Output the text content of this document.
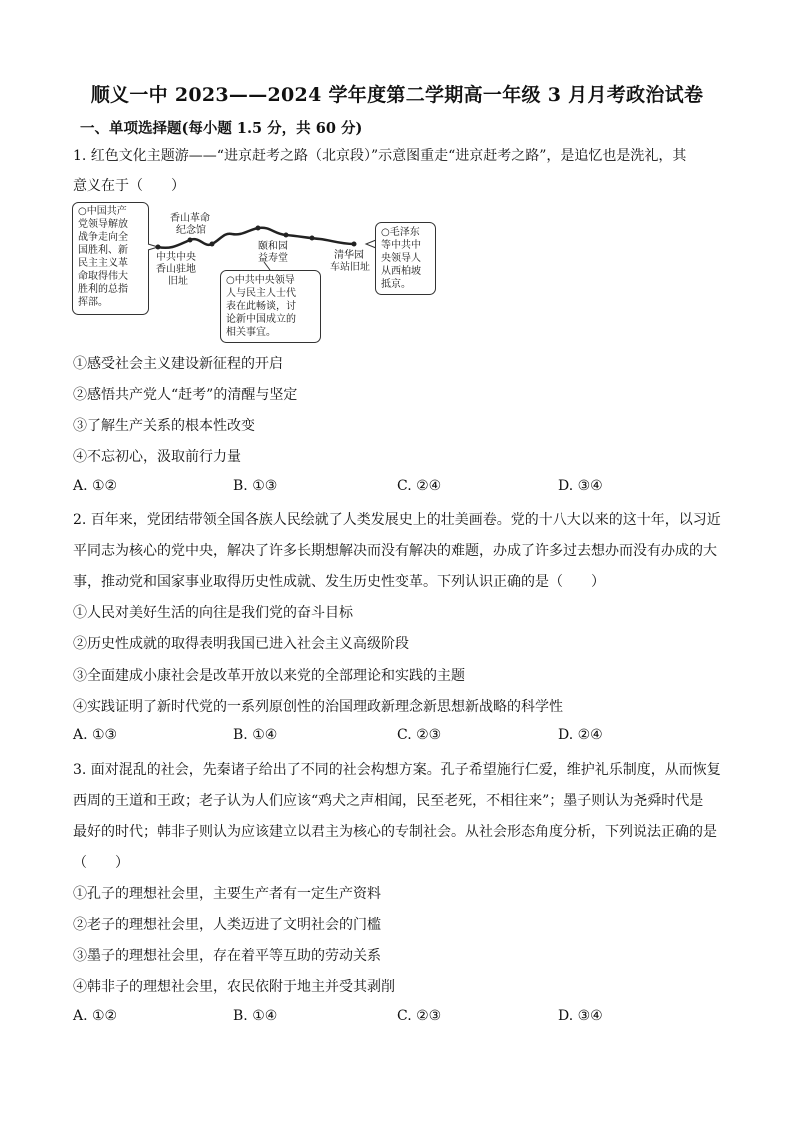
顺义一中 2023——2024 学年度第二学期高一年级 3 月月考政治试卷
一、单项选择题(每小题 1.5 分，共 60 分)
1. 红色文化主题游——“进京赶考之路（北京段）”示意图重走“进京赶考之路”，是追忆也是洗礼，其
意义在于（　　）
○中国共产
党领导解放
战争走向全
国胜利、新
民主主义革
命取得伟大
胜利的总指
挥部。
香山革命
纪念馆
中共中央
香山驻地
旧址
颐和园
益寿堂	清华园
车站旧址
○中共中央领导
人与民主人士代
表在此畅谈，讨
论新中国成立的
相关事宜。
○毛泽东
等中共中
央领导人
从西柏坡
抵京。
①感受社会主义建设新征程的开启
②感悟共产党人“赶考”的清醒与坚定
③了解生产关系的根本性改变
④不忘初心，汲取前行力量
A. ①②	B. ①③	C. ②④	D. ③④
2. 百年来，党团结带领全国各族人民绘就了人类发展史上的壮美画卷。党的十八大以来的这十年，以习近
平同志为核心的党中央，解决了许多长期想解决而没有解决的难题，办成了许多过去想办而没有办成的大
事，推动党和国家事业取得历史性成就、发生历史性变革。下列认识正确的是（　　）
①人民对美好生活的向往是我们党的奋斗目标
②历史性成就的取得表明我国已进入社会主义高级阶段
③全面建成小康社会是改革开放以来党的全部理论和实践的主题
④实践证明了新时代党的一系列原创性的治国理政新理念新思想新战略的科学性
A. ①③	B. ①④	C. ②③	D. ②④
3. 面对混乱的社会，先秦诸子给出了不同的社会构想方案。孔子希望施行仁爱，维护礼乐制度，从而恢复
西周的王道和王政；老子认为人们应该“鸡犬之声相闻，民至老死，不相往来”；墨子则认为尧舜时代是
最好的时代；韩非子则认为应该建立以君主为核心的专制社会。从社会形态角度分析，下列说法正确的是
（　　）
①孔子的理想社会里，主要生产者有一定生产资料
②老子的理想社会里，人类迈进了文明社会的门槛
③墨子的理想社会里，存在着平等互助的劳动关系
④韩非子的理想社会里，农民依附于地主并受其剥削
A. ①②	B. ①④	C. ②③	D. ③④
